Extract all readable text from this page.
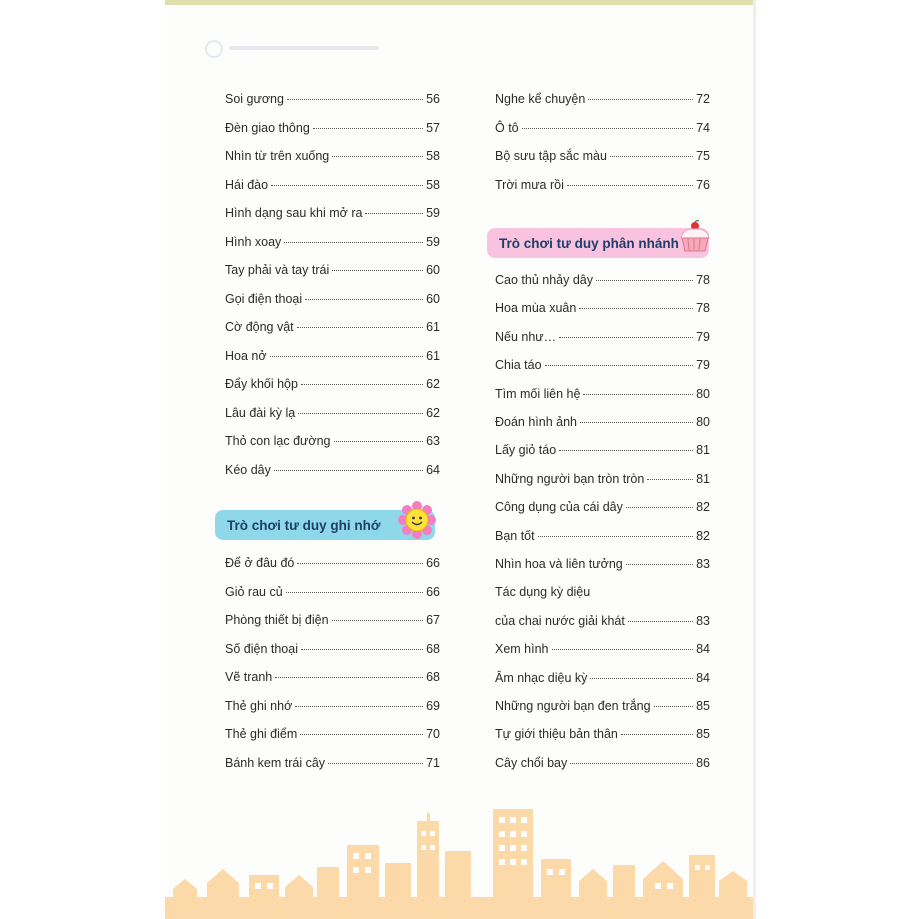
Soi gương	56
Đèn giao thông	57
Nhìn từ trên xuống	58
Hái đào	58
Hình dạng sau khi mở ra	59
Hình xoay	59
Tay phải và tay trái	60
Gọi điện thoại	60
Cờ động vật	61
Hoa nở	61
Đẩy khối hộp	62
Lâu đài kỳ lạ	62
Thỏ con lạc đường	63
Kéo dây	64
Trò chơi tư duy ghi nhớ
Để ở đâu đó	66
Giỏ rau củ	66
Phòng thiết bị điện	67
Số điện thoại	68
Vẽ tranh	68
Thẻ ghi nhớ	69
Thẻ ghi điểm	70
Bánh kem trái cây	71
Nghe kể chuyện	72
Ô tô	74
Bộ sưu tập sắc màu	75
Trời mưa rồi	76
Trò chơi tư duy phân nhánh
Cao thủ nhảy dây	78
Hoa mùa xuân	78
Nếu như…	79
Chia táo	79
Tìm mối liên hệ	80
Đoán hình ảnh	80
Lấy giỏ táo	81
Những người bạn tròn tròn	81
Công dụng của cái dây	82
Bạn tốt	82
Nhìn hoa và liên tưởng	83
Tác dụng kỳ diệu
của chai nước giải khát	83
Xem hình	84
Âm nhạc diệu kỳ	84
Những người bạn đen trắng	85
Tự giới thiệu bản thân	85
Cây chổi bay	86
